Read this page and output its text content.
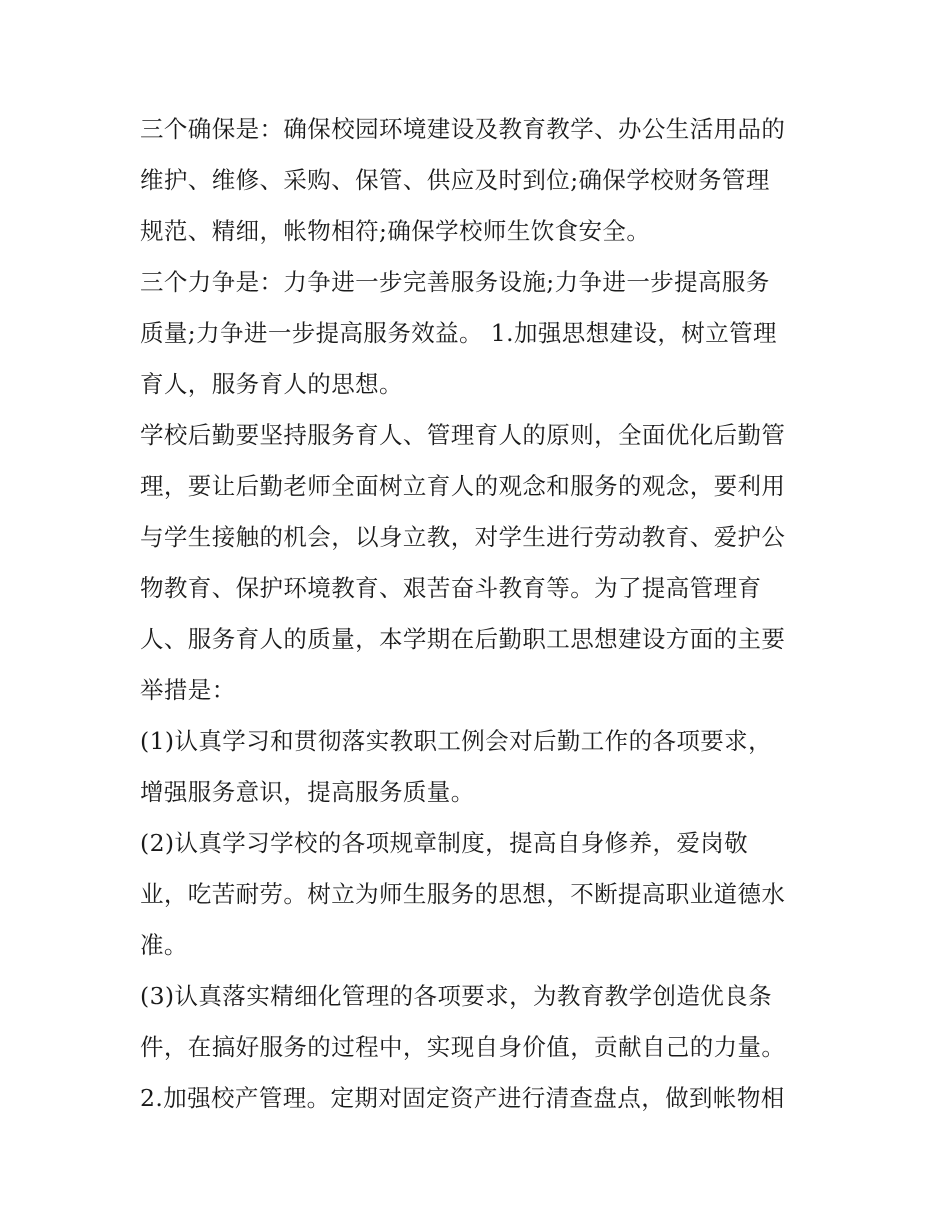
三个确保是：确保校园环境建设及教育教学、办公生活用品的
维护、维修、采购、保管、供应及时到位;确保学校财务管理
规范、精细，帐物相符;确保学校师生饮食安全。
三个力争是：力争进一步完善服务设施;力争进一步提高服务
质量;力争进一步提高服务效益。 1.加强思想建设，树立管理
育人，服务育人的思想。
学校后勤要坚持服务育人、管理育人的原则，全面优化后勤管
理，要让后勤老师全面树立育人的观念和服务的观念，要利用
与学生接触的机会，以身立教，对学生进行劳动教育、爱护公
物教育、保护环境教育、艰苦奋斗教育等。为了提高管理育
人、服务育人的质量，本学期在后勤职工思想建设方面的主要
举措是：
(1)认真学习和贯彻落实教职工例会对后勤工作的各项要求，
增强服务意识，提高服务质量。
(2)认真学习学校的各项规章制度，提高自身修养，爱岗敬
业，吃苦耐劳。树立为师生服务的思想，不断提高职业道德水
准。
(3)认真落实精细化管理的各项要求，为教育教学创造优良条
件，在搞好服务的过程中，实现自身价值，贡献自己的力量。
2.加强校产管理。定期对固定资产进行清查盘点，做到帐物相
